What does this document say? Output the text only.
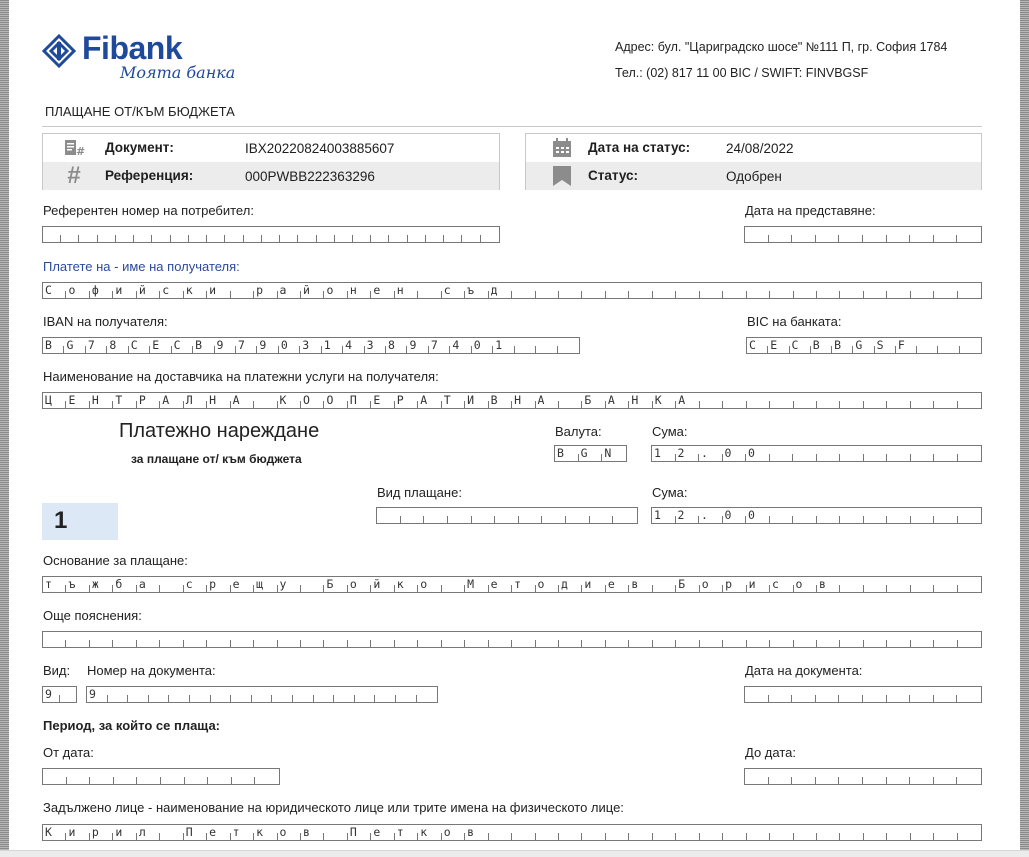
Fibank
Моята банка
Адрес: бул. "Цариградско шосе" №111 П, гр. София 1784
Тел.: (02) 817 11 00 BIC / SWIFT: FINVBGSF
ПЛАЩАНЕ ОТ/КЪМ БЮДЖЕТА
# Документ:	IBX20220824003885607
#	Референция:	000PWBB222363296
Дата на статус:	24/08/2022
Статус:	Одобрен
Референтен номер на потребител:	Дата на представяне:
Платете на - име на получателя:
С	о	ф	и	й	с	к	и	р	а	й	о	н	е	н	с	ъ	д
IBAN на получателя:
B	G	7	8	C	E	C	B	9	7	9	0	3	1	4	3	8	9	7	4	0	1
BIC на банката:
C	E	C	B	B	G	S	F
Наименование на доставчика на платежни услуги на получателя:
Ц	Е	Н	Т	Р	А	Л	Н	А	К	О	О	П	Е	Р	А	Т	И	В	Н	А	Б	А	Н	К	А
Платежно нареждане
за плащане от/ към бюджета
Валута:
B	G	N
Сума:
1	2	.	0	0
Вид плащане:	Сума:
1	2	.	0	0
1
Основание за плащане:
т	ъ	ж	б	а	с	р	е	щ	у	Б	о	й	к	о	М	е	т	о	д	и	е	в	Б	о	р	и	с	о	в
Още пояснения:
Вид: Номер на документа:
9	9
Дата на документа:
Период, за който се плаща:
От дата:	До дата:
Задължено лице - наименование на юридическото лице или трите имена на физическото лице:
К	и	р	и	л	П	е	т	к	о	в	П	е	т	к	о	в
